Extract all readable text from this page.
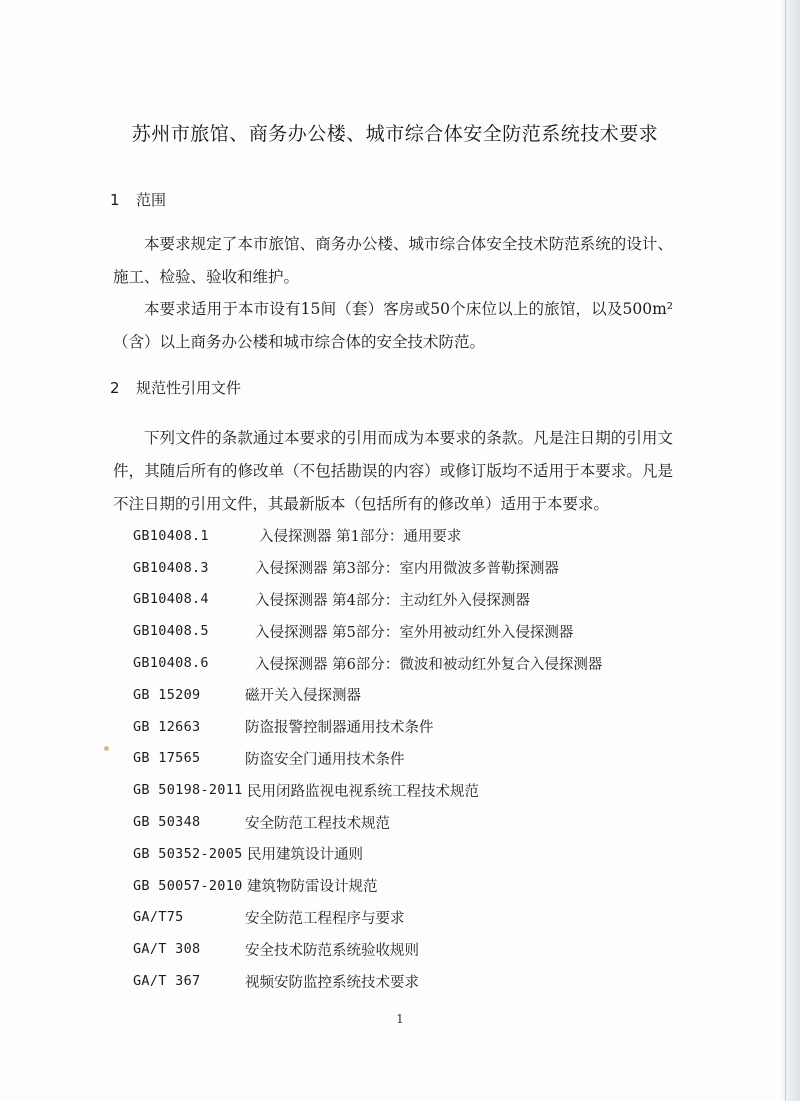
苏州市旅馆、商务办公楼、城市综合体安全防范系统技术要求
1 范围
本要求规定了本市旅馆、商务办公楼、城市综合体安全技术防范系统的设计、施工、检验、验收和维护。
本要求适用于本市设有15间（套）客房或50个床位以上的旅馆，以及500m²（含）以上商务办公楼和城市综合体的安全技术防范。
2 规范性引用文件
下列文件的条款通过本要求的引用而成为本要求的条款。凡是注日期的引用文件，其随后所有的修改单（不包括勘误的内容）或修订版均不适用于本要求。凡是不注日期的引用文件，其最新版本（包括所有的修改单）适用于本要求。
GB10408.1	入侵探测器 第1部分：通用要求
GB10408.3	入侵探测器 第3部分：室内用微波多普勒探测器
GB10408.4	入侵探测器 第4部分：主动红外入侵探测器
GB10408.5	入侵探测器 第5部分：室外用被动红外入侵探测器
GB10408.6	入侵探测器 第6部分：微波和被动红外复合入侵探测器
GB 15209	磁开关入侵探测器
GB 12663	防盗报警控制器通用技术条件
GB 17565	防盗安全门通用技术条件
GB 50198-2011 民用闭路监视电视系统工程技术规范
GB 50348	安全防范工程技术规范
GB 50352-2005 民用建筑设计通则
GB 50057-2010 建筑物防雷设计规范
GA/T75	安全防范工程程序与要求
GA/T 308	安全技术防范系统验收规则
GA/T 367	视频安防监控系统技术要求
1
